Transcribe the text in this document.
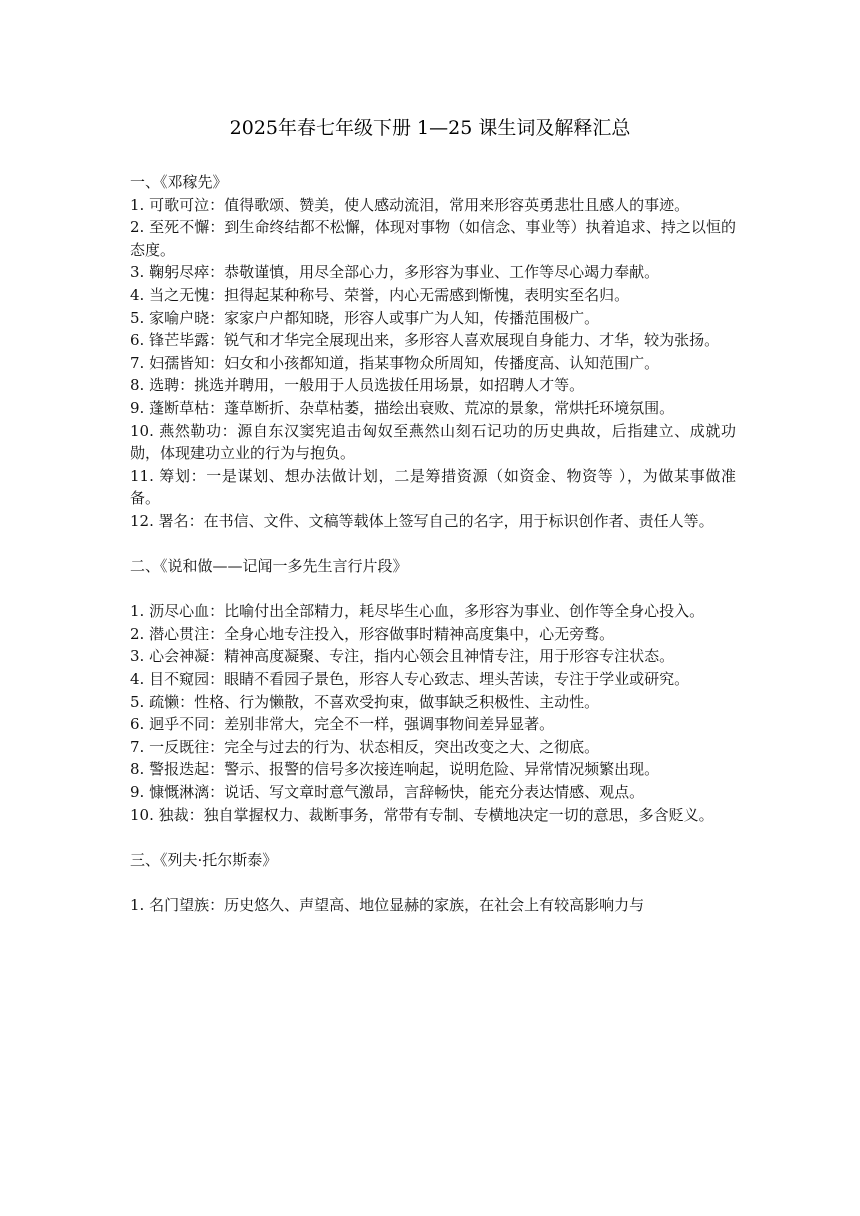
2025年春七年级下册 1—25 课生词及解释汇总

一、《邓稼先》

1. 可歌可泣：值得歌颂、赞美，使人感动流泪，常用来形容英勇悲壮且感人的事迹。

2. 至死不懈：到生命终结都不松懈，体现对事物（如信念、事业等）执着追求、持之以恒的态度。

3. 鞠躬尽瘁：恭敬谨慎，用尽全部心力，多形容为事业、工作等尽心竭力奉献。

4. 当之无愧：担得起某种称号、荣誉，内心无需感到惭愧，表明实至名归。

5. 家喻户晓：家家户户都知晓，形容人或事广为人知，传播范围极广。

6. 锋芒毕露：锐气和才华完全展现出来，多形容人喜欢展现自身能力、才华，较为张扬。

7. 妇孺皆知：妇女和小孩都知道，指某事物众所周知，传播度高、认知范围广。

8. 选聘：挑选并聘用，一般用于人员选拔任用场景，如招聘人才等。

9. 蓬断草枯：蓬草断折、杂草枯萎，描绘出衰败、荒凉的景象，常烘托环境氛围。

10. 燕然勒功：源自东汉窦宪追击匈奴至燕然山刻石记功的历史典故，后指建立、成就功勋，体现建功立业的行为与抱负。

11. 筹划：一是谋划、想办法做计划，二是筹措资源（如资金、物资等 ），为做某事做准备。

12. 署名：在书信、文件、文稿等载体上签写自己的名字，用于标识创作者、责任人等。

二、《说和做——记闻一多先生言行片段》

1. 沥尽心血：比喻付出全部精力，耗尽毕生心血，多形容为事业、创作等全身心投入。

2. 潜心贯注：全身心地专注投入，形容做事时精神高度集中，心无旁骛。

3. 心会神凝：精神高度凝聚、专注，指内心领会且神情专注，用于形容专注状态。

4. 目不窥园：眼睛不看园子景色，形容人专心致志、埋头苦读，专注于学业或研究。

5. 疏懒：性格、行为懒散，不喜欢受拘束，做事缺乏积极性、主动性。

6. 迥乎不同：差别非常大，完全不一样，强调事物间差异显著。

7. 一反既往：完全与过去的行为、状态相反，突出改变之大、之彻底。

8. 警报迭起：警示、报警的信号多次接连响起，说明危险、异常情况频繁出现。

9. 慷慨淋漓：说话、写文章时意气激昂，言辞畅快，能充分表达情感、观点。

10. 独裁：独自掌握权力、裁断事务，常带有专制、专横地决定一切的意思，多含贬义。

三、《列夫·托尔斯泰》

1. 名门望族：历史悠久、声望高、地位显赫的家族，在社会上有较高影响力与
